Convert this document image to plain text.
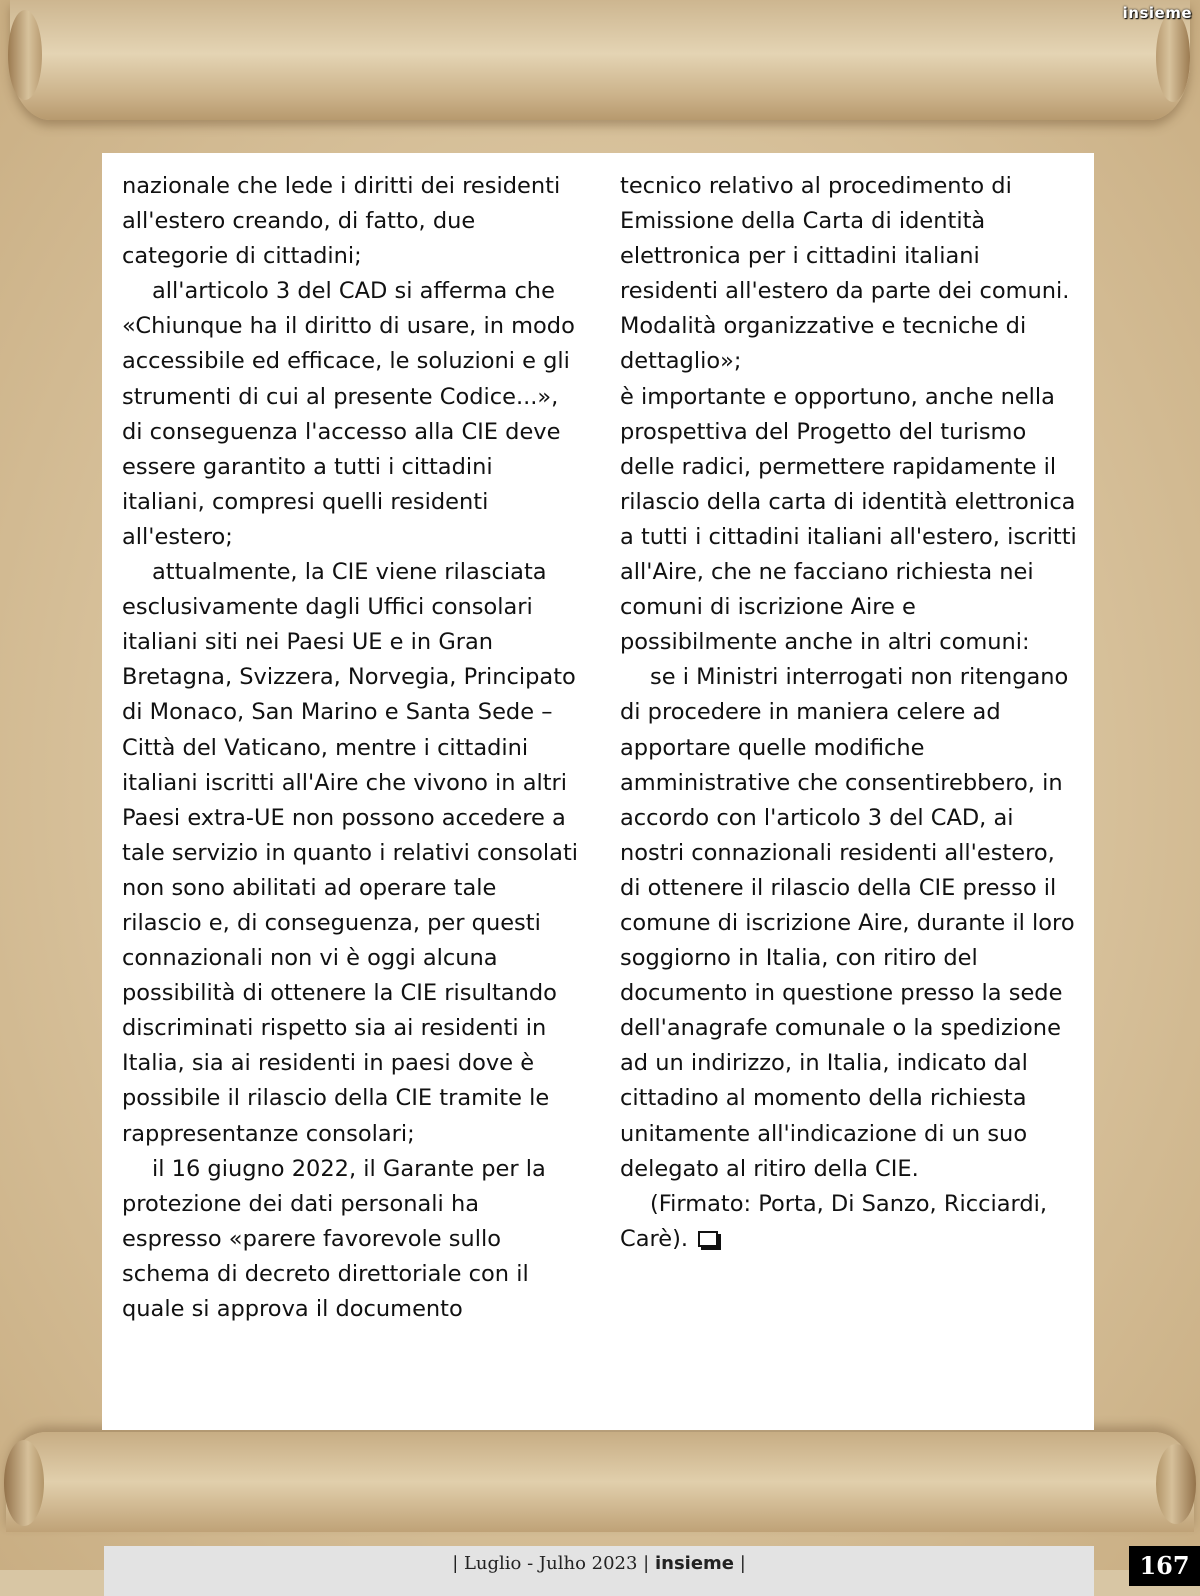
insieme

nazionale che lede i diritti dei residenti all'estero creando, di fatto, due categorie di cittadini;

all'articolo 3 del CAD si afferma che «Chiunque ha il diritto di usare, in modo accessibile ed efficace, le soluzioni e gli strumenti di cui al presente Codice...», di conseguenza l'accesso alla CIE deve essere garantito a tutti i cittadini italiani, compresi quelli residenti all'estero;

attualmente, la CIE viene rilasciata esclusivamente dagli Uffici consolari italiani siti nei Paesi UE e in Gran Bretagna, Svizzera, Norvegia, Principato di Monaco, San Marino e Santa Sede – Città del Vaticano, mentre i cittadini italiani iscritti all'Aire che vivono in altri Paesi extra-UE non possono accedere a tale servizio in quanto i relativi consolati non sono abilitati ad operare tale rilascio e, di conseguenza, per questi connazionali non vi è oggi alcuna possibilità di ottenere la CIE risultando discriminati rispetto sia ai residenti in Italia, sia ai residenti in paesi dove è possibile il rilascio della CIE tramite le rappresentanze consolari;

il 16 giugno 2022, il Garante per la protezione dei dati personali ha espresso «parere favorevole sullo schema di decreto direttoriale con il quale si approva il documento

tecnico relativo al procedimento di Emissione della Carta di identità elettronica per i cittadini italiani residenti all'estero da parte dei comuni. Modalità organizzative e tecniche di dettaglio»;

è importante e opportuno, anche nella prospettiva del Progetto del turismo delle radici, permettere rapidamente il rilascio della carta di identità elettronica a tutti i cittadini italiani all'estero, iscritti all'Aire, che ne facciano richiesta nei comuni di iscrizione Aire e possibilmente anche in altri comuni:

se i Ministri interrogati non ritengano di procedere in maniera celere ad apportare quelle modifiche amministrative che consentirebbero, in accordo con l'articolo 3 del CAD, ai nostri connazionali residenti all'estero, di ottenere il rilascio della CIE presso il comune di iscrizione Aire, durante il loro soggiorno in Italia, con ritiro del documento in questione presso la sede dell'anagrafe comunale o la spedizione ad un indirizzo, in Italia, indicato dal cittadino al momento della richiesta unitamente all'indicazione di un suo delegato al ritiro della CIE.

(Firmato: Porta, Di Sanzo, Ricciardi, Carè).

| Luglio - Julho 2023 | insieme |	167
